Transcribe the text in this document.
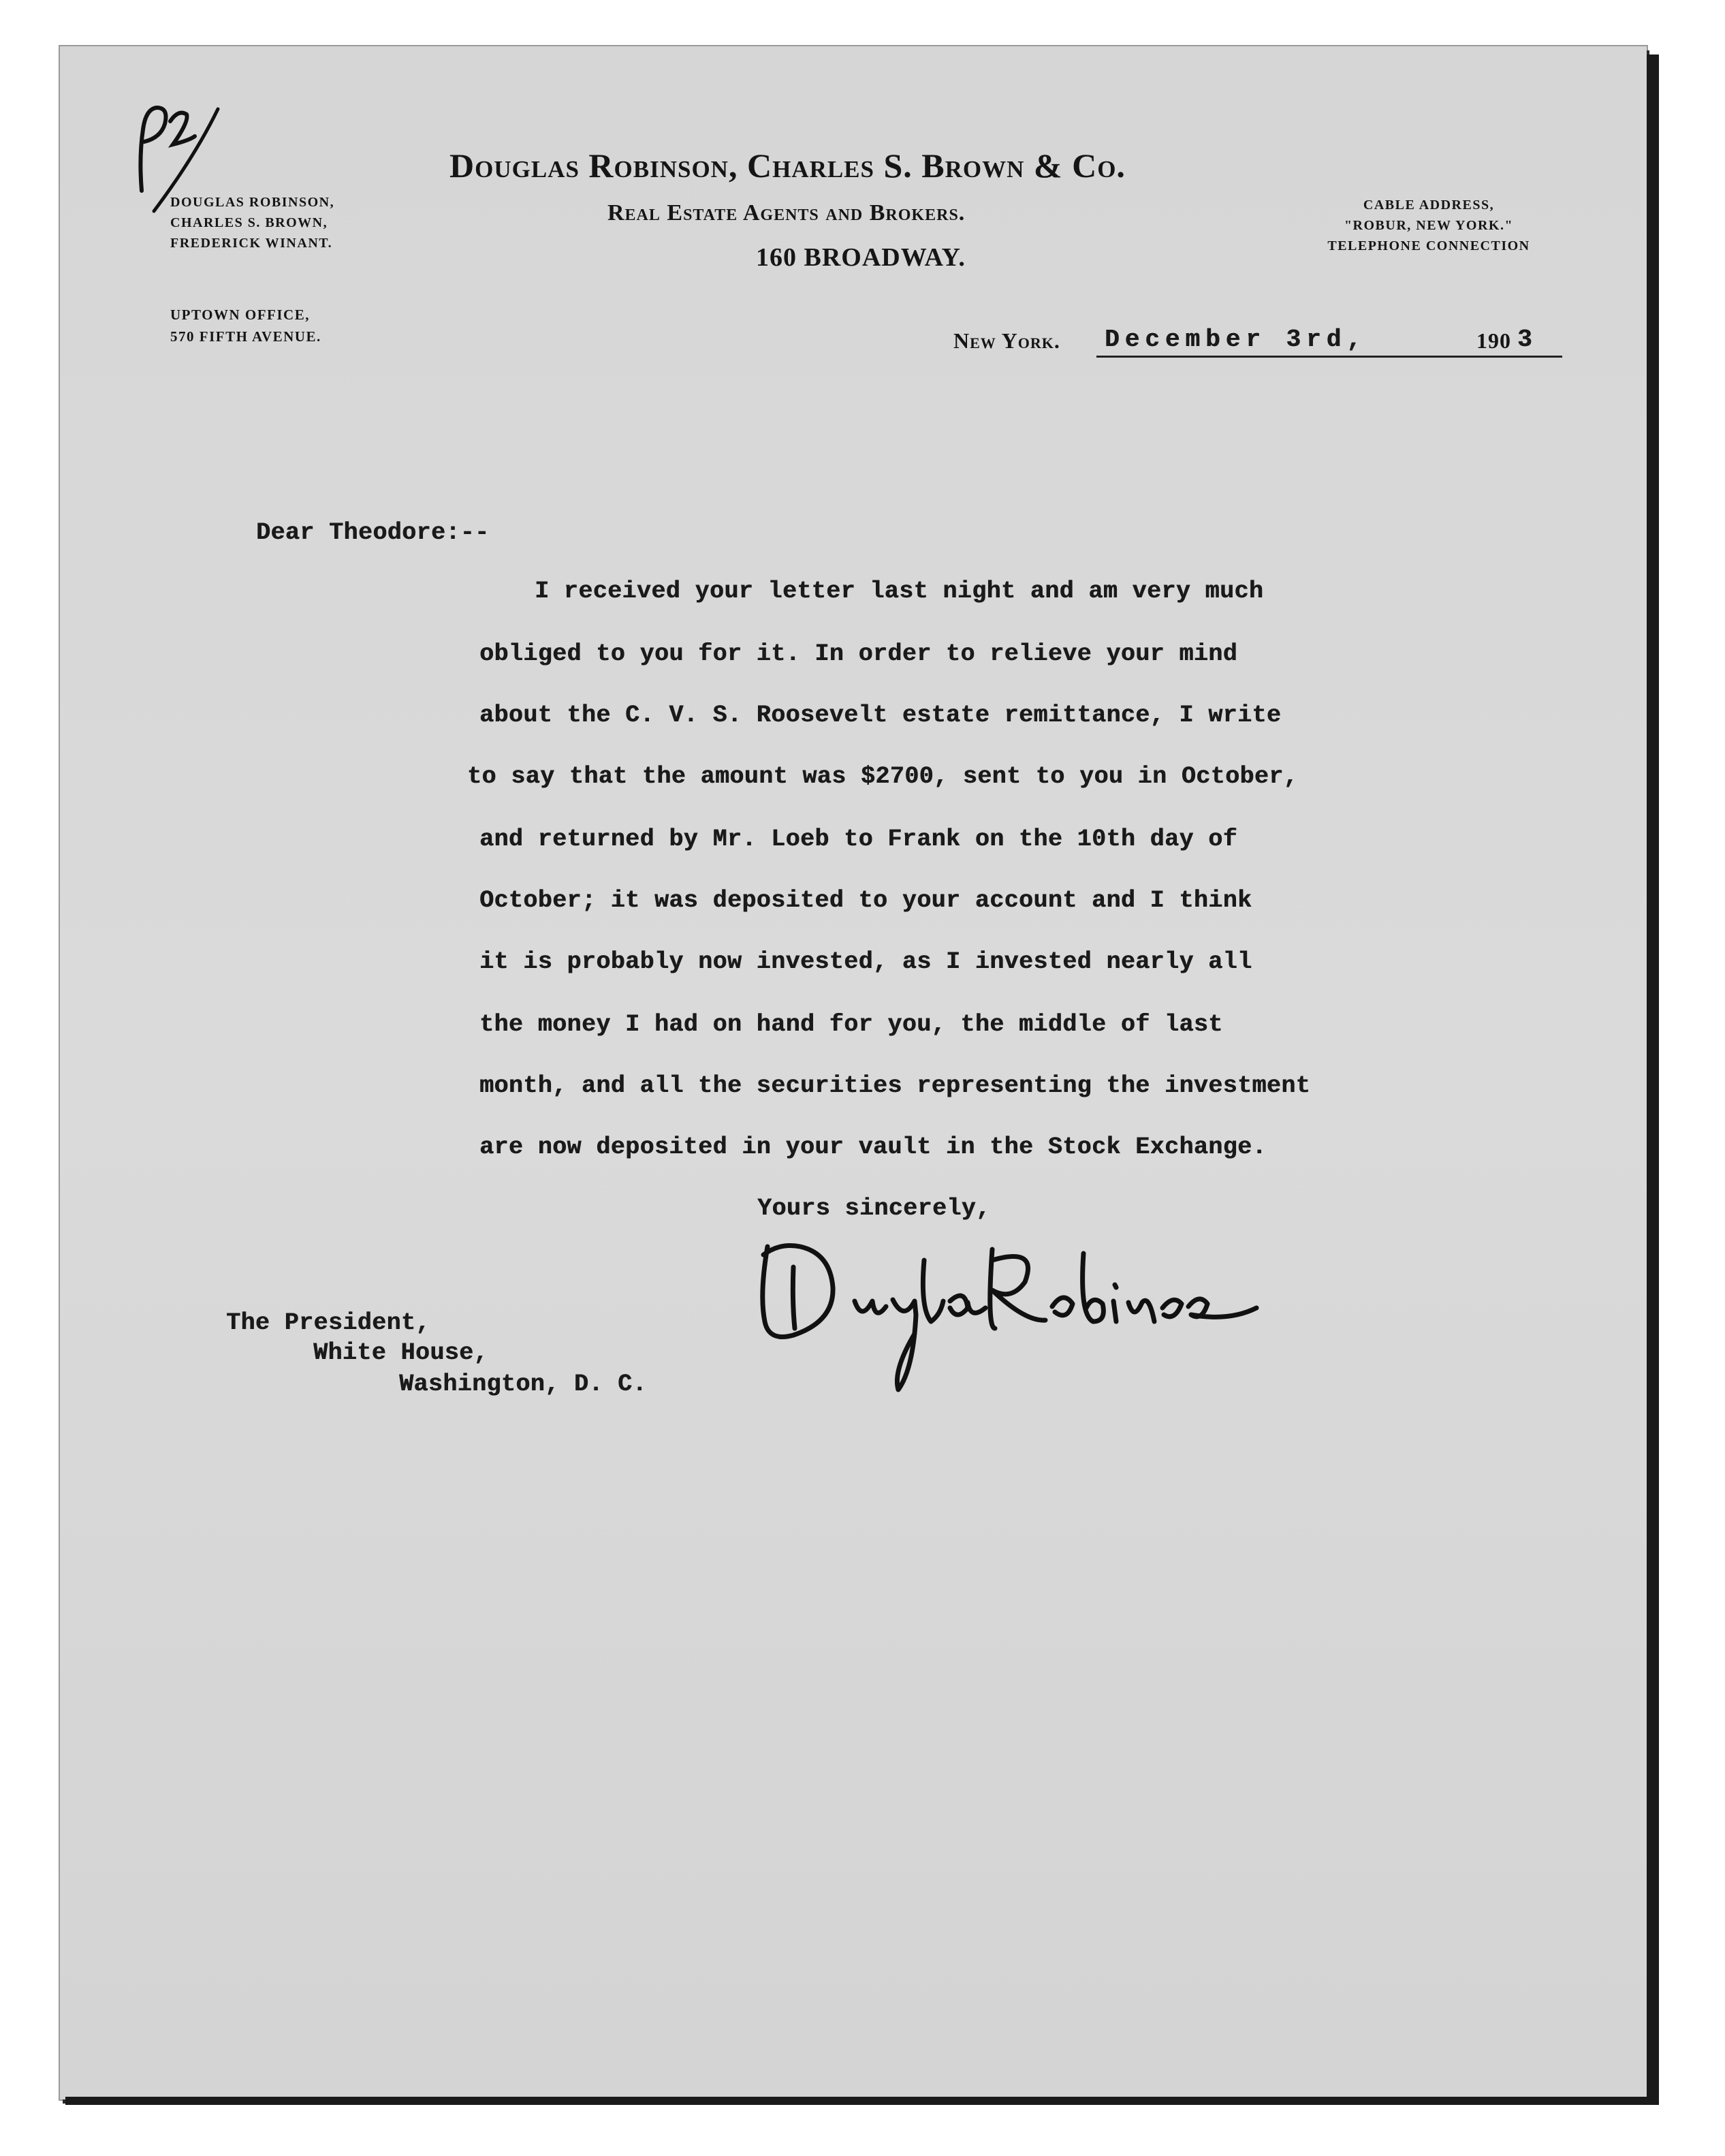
Douglas Robinson, Charles S. Brown & Co.
Real Estate Agents and Brokers.
160 BROADWAY.
DOUGLAS ROBINSON,
CHARLES S. BROWN,
FREDERICK WINANT.
UPTOWN OFFICE,
570 FIFTH AVENUE.
CABLE ADDRESS,
"ROBUR, NEW YORK."
TELEPHONE CONNECTION
New York. December 3rd,	190 3
Dear Theodore:--
I received your letter last night and am very much
obliged to you for it. In order to relieve your mind
about the C. V. S. Roosevelt estate remittance, I write
to say that the amount was $2700, sent to you in October,
and returned by Mr. Loeb to Frank on the 10th day of
October; it was deposited to your account and I think
it is probably now invested, as I invested nearly all
the money I had on hand for you, the middle of last
month, and all the securities representing the investment
are now deposited in your vault in the Stock Exchange.
Yours sincerely,
The President,
White House,
Washington, D. C.
